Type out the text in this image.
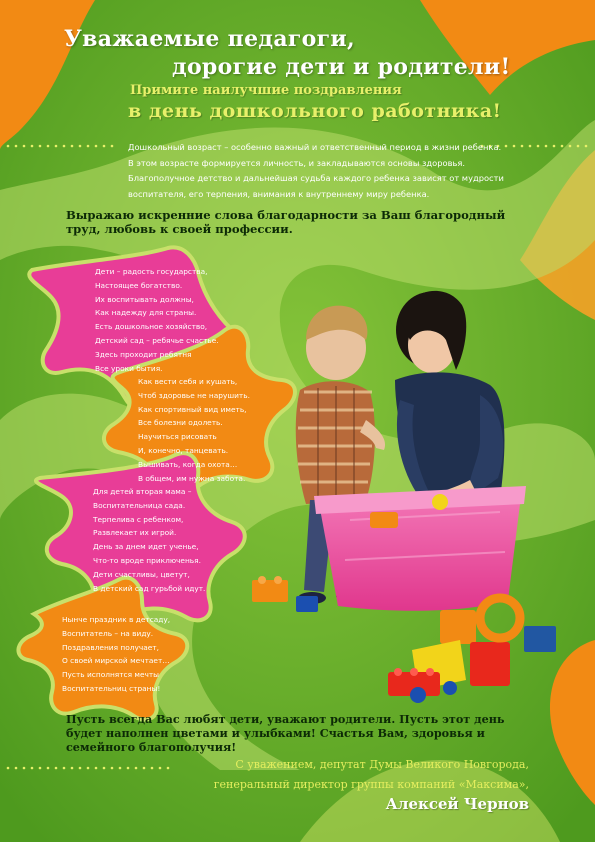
Уважаемые педагоги,
дорогие дети и родители!
Примите наилучшие поздравления
в день дошкольного работника!
Дошкольный возраст – особенно важный и ответственный период в жизни ребенка.
В этом возрасте формируется личность, и закладываются основы здоровья.
Благополучное детство и дальнейшая судьба каждого ребенка зависят от мудрости
воспитателя, его терпения, внимания к внутреннему миру ребенка.
Выражаю искренние слова благодарности за Ваш благородный труд, любовь к своей профессии.
Дети – радость государства,
Настоящее богатство.
Их воспитывать должны,
Как надежду для страны.
Есть дошкольное хозяйство,
Детский сад – ребячье счастье.
Здесь проходит ребятня
Все уроки бытия.
Как вести себя и кушать,
Чтоб здоровье не нарушить.
Как спортивный вид иметь,
Все болезни одолеть.
Научиться рисовать
И, конечно, танцевать.
Вышивать, когда охота…
В общем, им нужна забота.
Для детей вторая мама –
Воспитательница сада.
Терпелива с ребенком,
Развлекает их игрой.
День за днем идет ученье,
Что-то вроде приключенья.
Дети счастливы, цветут,
В детский сад гурьбой идут.
Нынче праздник в детсаду,
Воспитатель – на виду.
Поздравления получает,
О своей мирской мечтает…
Пусть исполнятся мечты
Воспитательниц страны!
Пусть всегда Вас любят дети, уважают родители. Пусть этот день будет наполнен цветами и улыбками! Счастья Вам, здоровья и семейного благополучия!
С уважением, депутат Думы Великого Новгорода,
генеральный директор группы компаний «Максима»,
Алексей Чернов
